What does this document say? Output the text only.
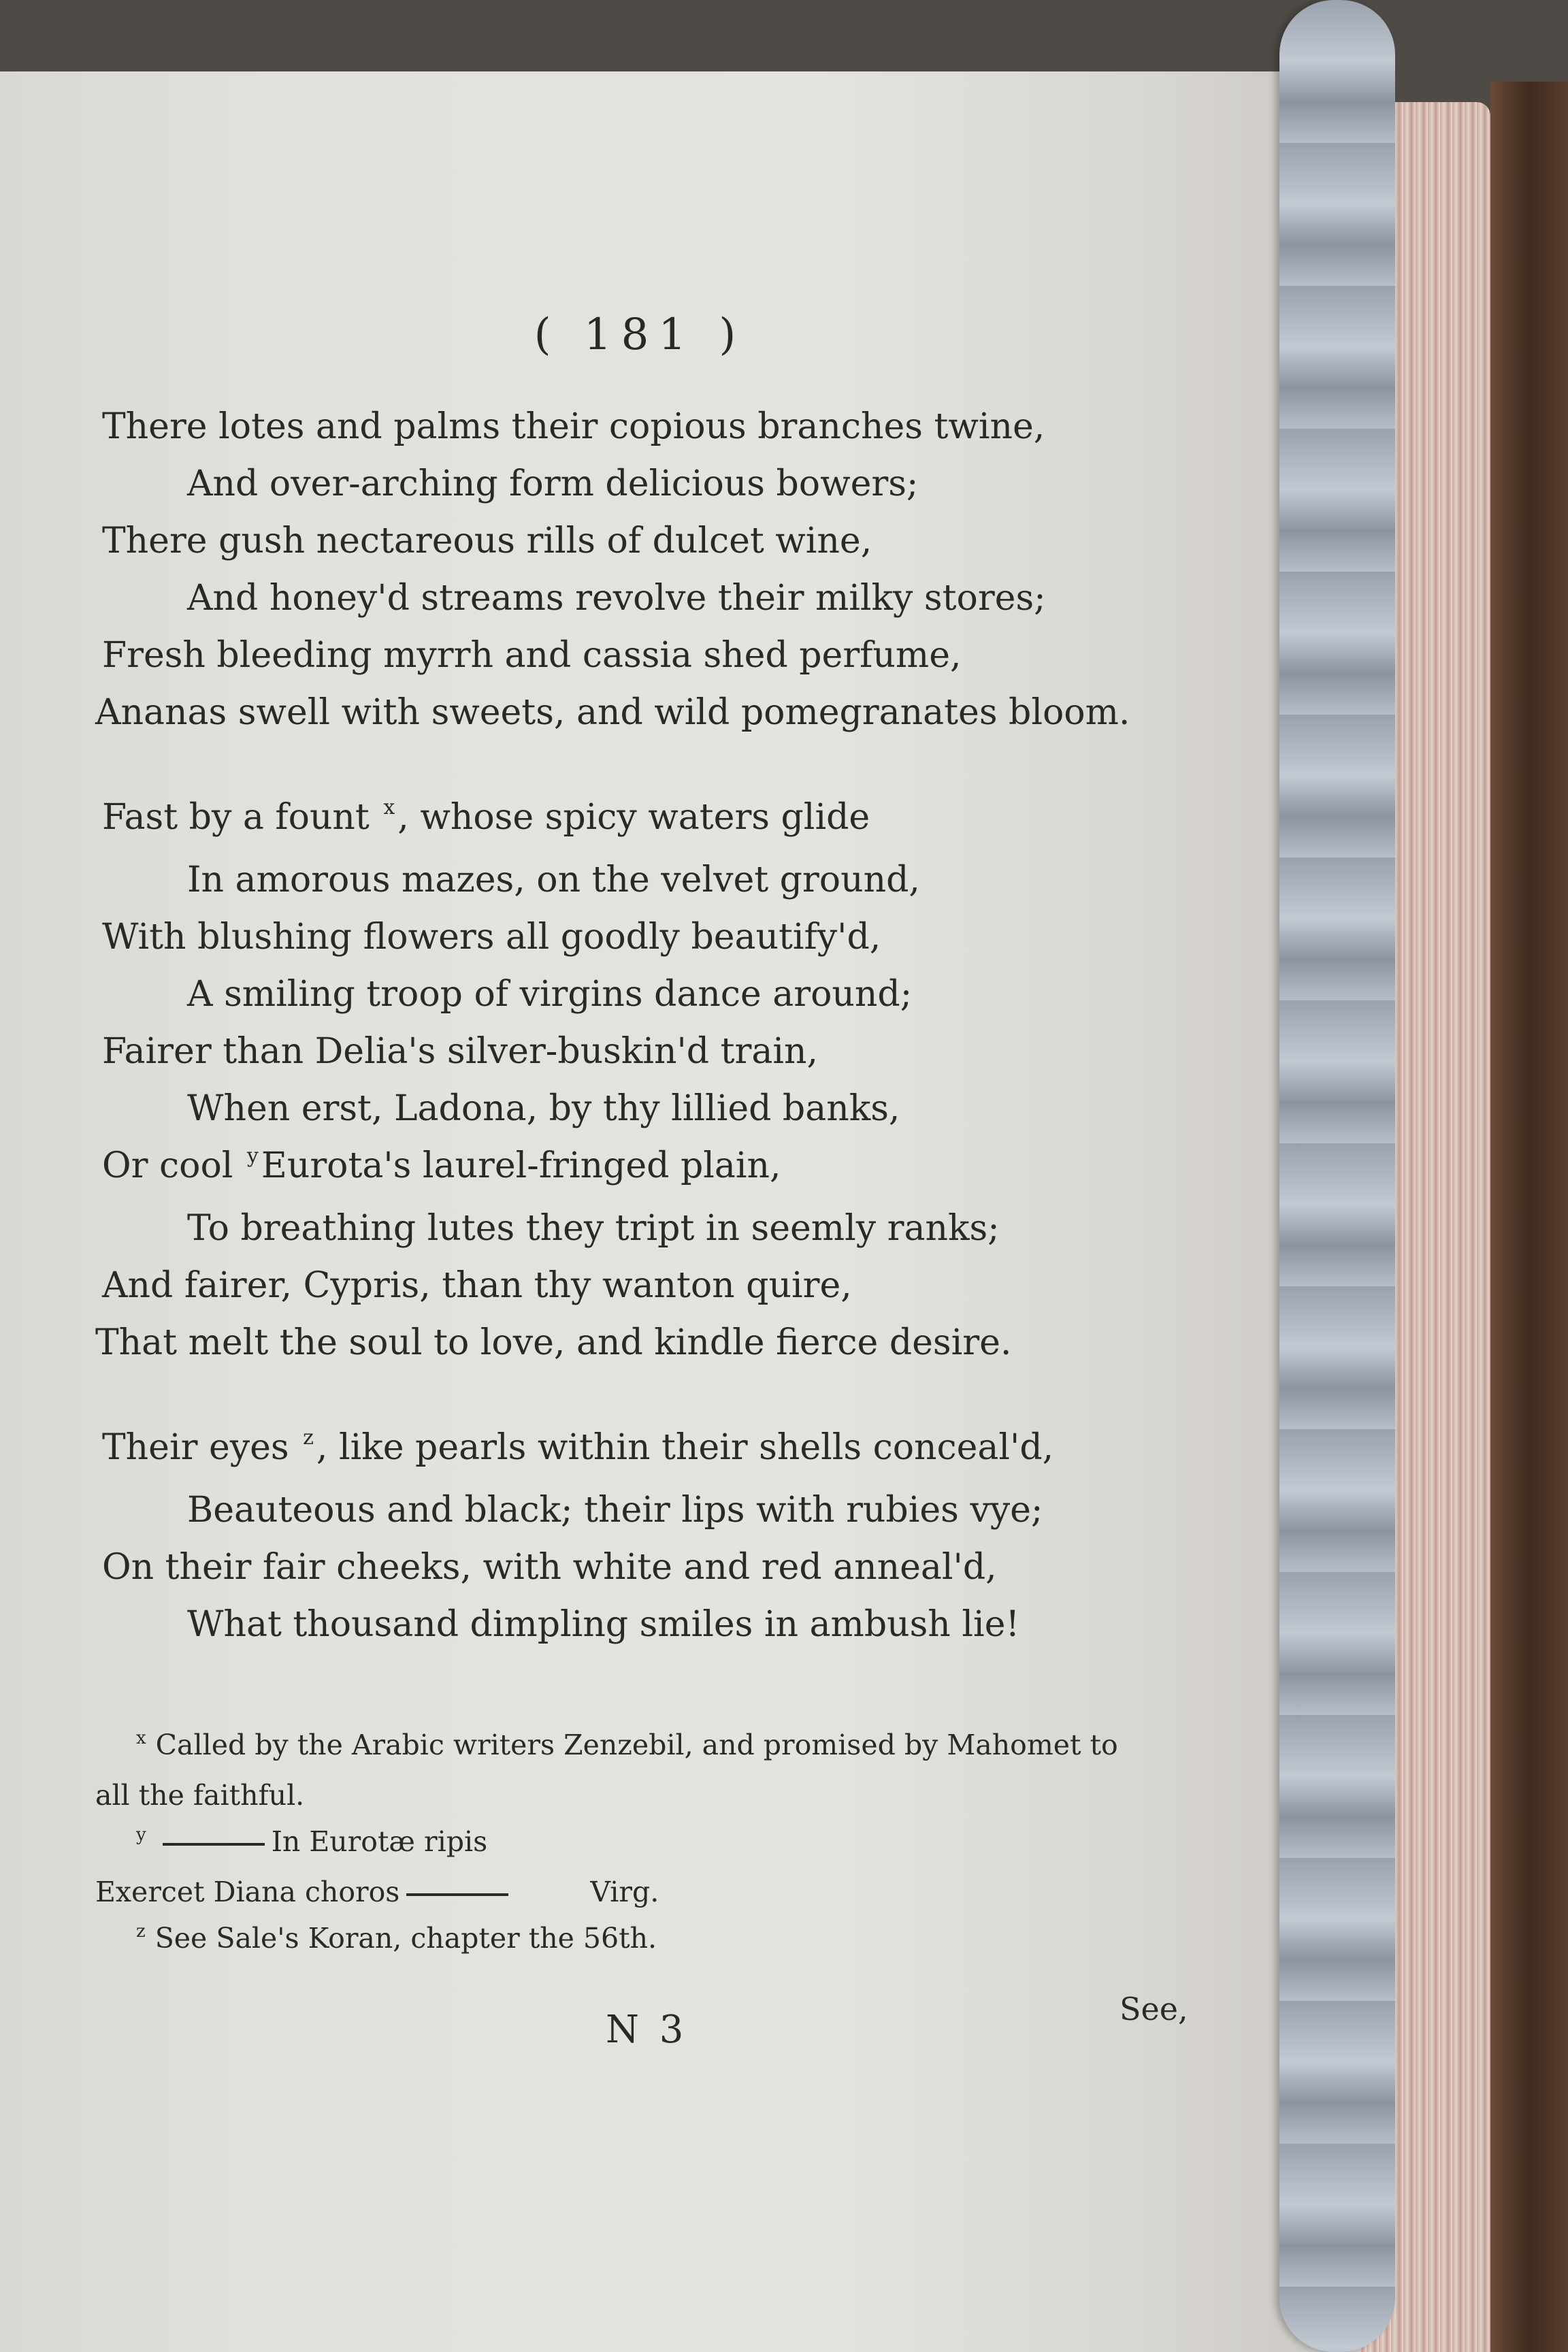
( 181 )
There lotes and palms their copious branches twine,
And over-arching form delicious bowers;
There gush nectareous rills of dulcet wine,
And honey'd streams revolve their milky stores;
Fresh bleeding myrrh and cassia shed perfume,
Ananas swell with sweets, and wild pomegranates bloom.
Fast by a fount $^x$, whose spicy waters glide
In amorous mazes, on the velvet ground,
With blushing flowers all goodly beautify'd,
A smiling troop of virgins dance around;
Fairer than Delia's silver-buskin'd train,
When erst, Ladona, by thy lillied banks,
Or cool $^y$Eurota's laurel-fringed plain,
To breathing lutes they tript in seemly ranks;
And fairer, Cypris, than thy wanton quire,
That melt the soul to love, and kindle fierce desire.
Their eyes $^z$, like pearls within their shells conceal'd,
Beauteous and black; their lips with rubies vye;
On their fair cheeks, with white and red anneal'd,
What thousand dimpling smiles in ambush lie!
$^x$ Called by the Arabic writers Zenzebil, and promised by Mahomet to
all the faithful.
$^y$	In Eurotæ ripis
Exercet Diana choros	Virg.
$^z$ See Sale's Koran, chapter the 56th.
N 3	See,
